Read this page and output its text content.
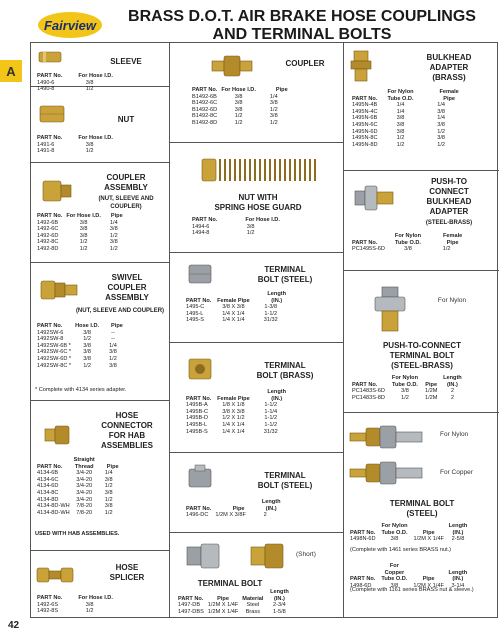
Fairview	BRASS D.O.T. AIR BRAKE HOSE COUPLINGS
AND TERMINAL BOLTS
A
SLEEVE
PART No.	For Hose I.D.
1490-6	3/8
1490-8	1/2
NUT
PART No.	For Hose I.D.
1491-6	3/8
1491-8	1/2
COUPLER
ASSEMBLY
(NUT, SLEEVE AND COUPLER)
PART No.	For Hose I.D.	Pipe
1492-6B	3/8	1/4
1492-6C	3/8	3/8
1492-6D	3/8	1/2
1492-8C	1/2	3/8
1492-8D	1/2	1/2
SWIVEL
COUPLER
ASSEMBLY
(NUT, SLEEVE AND COUPLER)
PART No.	Hose I.D.	Pipe
1492SW-6	3/8	--
1492SW-8	1/2	--
1492SW-6B *	3/8	1/4
1492SW-6C *	3/8	3/8
1492SW-6D *	3/8	1/2
1492SW-8C *	1/2	3/8
* Complete with 4134 series adapter.
HOSE
CONNECTOR
FOR HAB
ASSEMBLIES
PART No.	Straight
Thread	Pipe
4134-6B	3/4-20	1/4
4134-6C	3/4-20	3/8
4134-6D	3/4-20	1/2
4134-8C	3/4-20	3/8
4134-8D	3/4-20	1/2
4134-8D-WH	7/8-20	3/8
4134-8D-WH	7/8-20	1/2
USED WITH HAB ASSEMBLIES.
HOSE
SPLICER
PART No.	For Hose I.D.
1492-6S	3/8
1492-8S	1/2
COUPLER
PART No.	For Hose I.D.	Pipe
B1492-6B	3/8	1/4
B1492-6C	3/8	3/8
B1492-6D	3/8	1/2
B1492-8C	1/2	3/8
B1492-8D	1/2	1/2
NUT WITH
SPRING HOSE GUARD
PART No.	For Hose I.D.
1494-6	3/8
1494-8	1/2
TERMINAL
BOLT (STEEL)
PART No.	Female Pipe	Length (IN.)
1495-C	3/8 X 3/8	1-3/8
1495-L	1/4 X 1/4	1-1/2
1495-S	1/4 X 1/4	31/32
TERMINAL
BOLT (BRASS)
PART No.	Female Pipe	Length (IN.)
1495B-A	1/8 X 1/8	1-1/2
1495B-C	3/8 X 3/8	1-1/4
1495B-D	1/2 X 1/2	1-1/2
1495B-L	1/4 X 1/4	1-1/2
1495B-S	1/4 X 1/4	31/32
TERMINAL
BOLT (STEEL)
PART No.	Pipe	Length (IN.)
1496-DC	1/2M X 3/8F	2
(Short)
TERMINAL BOLT
PART No.	Pipe	Material	Length (IN.)
1497-DB	1/2M X 1/4F	Steel	2-3/4
1497-DBS	1/2M X 1/4F	Brass	1-5/8
BULKHEAD
ADAPTER
(BRASS)
PART No.	For Nylon Tube O.D.	Female Pipe
1495N-4B	1/4	1/4
1495N-4C	1/4	3/8
1495N-6B	3/8	1/4
1495N-6C	3/8	3/8
1495N-6D	3/8	1/2
1495N-8C	1/2	3/8
1495N-8D	1/2	1/2
PUSH-TO
CONNECT
BULKHEAD
ADAPTER
(STEEL-BRASS)
PART No.	For Nylon Tube O.D.	Female Pipe
PC1495S-6D	3/8	1/2
For Nylon
PUSH-TO-CONNECT
TERMINAL BOLT
(STEEL-BRASS)
PART No.	For Nylon Tube O.D.	Pipe	Length (IN.)
PC1483S-6D	3/8	1/2M	2
PC1483S-8D	1/2	1/2M	2
For Nylon
For Copper
TERMINAL BOLT
(STEEL)
PART No.	For Nylon Tube O.D.	Pipe	Length (IN.)
1498N-6D	3/8	1/2M X 1/4F	2-5/8
(Complete with 1461 series BRASS nut.)
PART No.	For Copper Tube O.D.	Pipe	Length (IN.)
1498-6D	3/8	1/2M X 1/4F	3-1/4
(Complete with 1161 series BRASS nut & sleeve.)
42
